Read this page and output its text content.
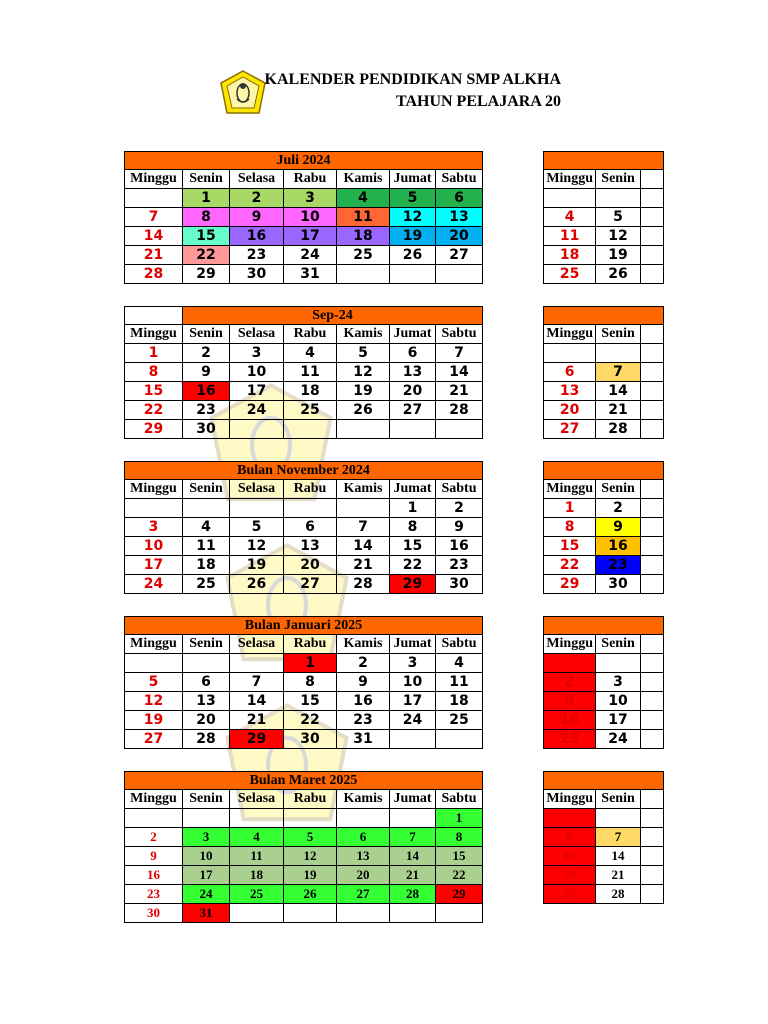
KALENDER PENDIDIKAN SMP ALKHA
TAHUN PELAJARA 20
Juli 2024						
Minggu	Senin	Selasa	Rabu	Kamis	Jumat	Sabtu
	1	2	3	4	5	6
7	8	9	10	11	12	13
14	15	16	17	18	19	20
21	22	23	24	25	26	27
28	29	30	31			
	Sep-24					
Minggu	Senin	Selasa	Rabu	Kamis	Jumat	Sabtu
1	2	3	4	5	6	7
8	9	10	11	12	13	14
15	16	17	18	19	20	21
22	23	24	25	26	27	28
29	30					
Bulan November 2024						
Minggu	Senin	Selasa	Rabu	Kamis	Jumat	Sabtu
					1	2
3	4	5	6	7	8	9
10	11	12	13	14	15	16
17	18	19	20	21	22	23
24	25	26	27	28	29	30
Bulan Januari 2025						
Minggu	Senin	Selasa	Rabu	Kamis	Jumat	Sabtu
			1	2	3	4
5	6	7	8	9	10	11
12	13	14	15	16	17	18
19	20	21	22	23	24	25
27	28	29	30	31		
Bulan Maret 2025						
Minggu	Senin	Selasa	Rabu	Kamis	Jumat	Sabtu
						1
2	3	4	5	6	7	8
9	10	11	12	13	14	15
16	17	18	19	20	21	22
23	24	25	26	27	28	29
30	31					

Minggu	Senin	

4	5	
11	12	
18	19	
25	26	

Minggu	Senin	

6	7	
13	14	
20	21	
27	28	

Minggu	Senin	
1	2	
8	9	
15	16	
22	23	
29	30	

Minggu	Senin	

2	3	
9	10	
16	17	
23	24	

Minggu	Senin	

6	7	
13	14	
20	21	
27	28	
